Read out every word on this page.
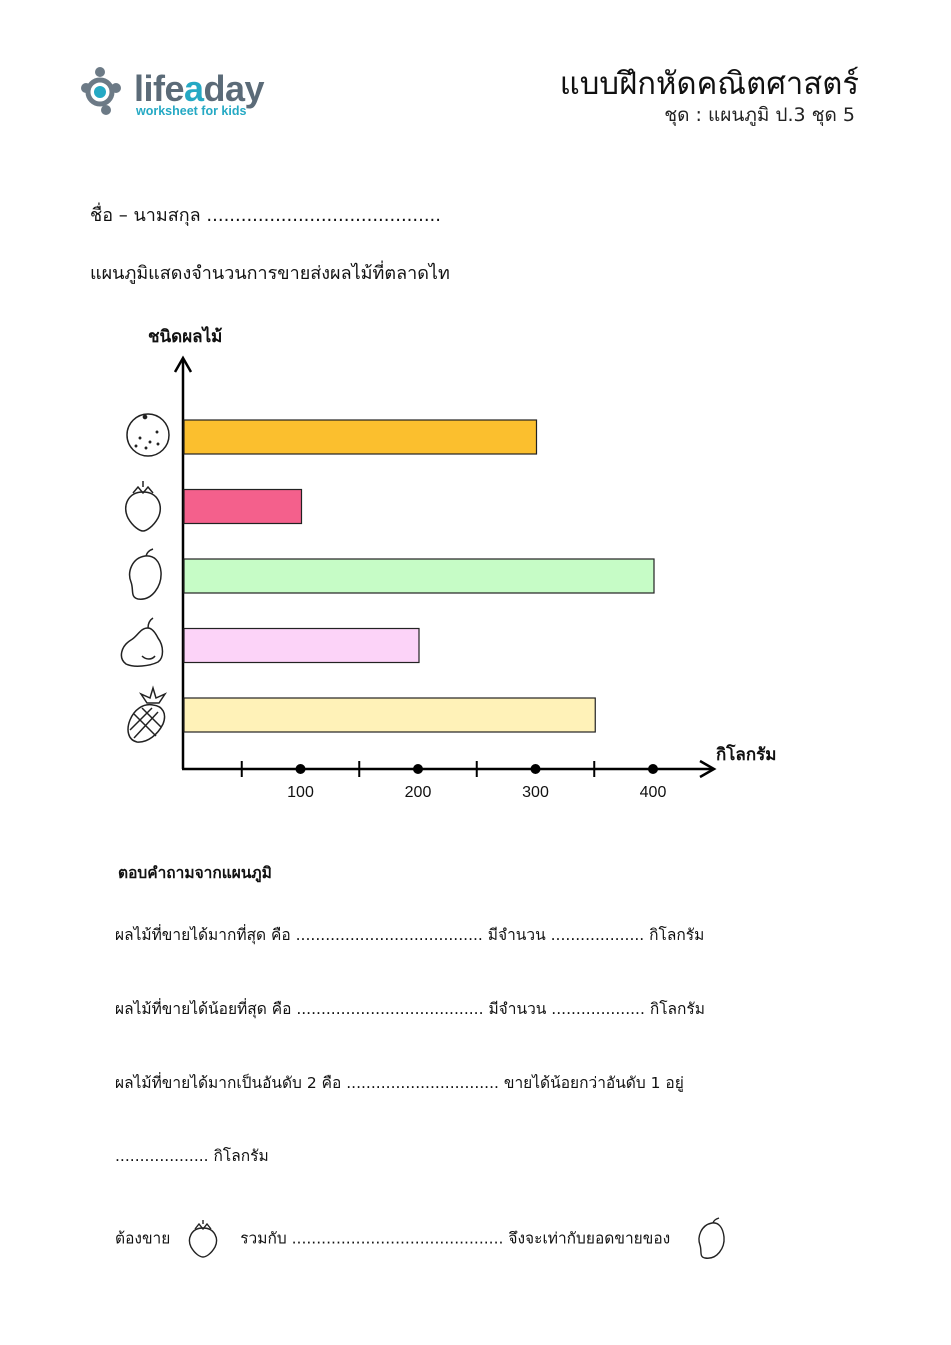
lifeaday
worksheet for kids
แบบฝึกหัดคณิตศาสตร์
ชุด : แผนภูมิ ป.3 ชุด 5
ชื่อ – นามสกุล .........................................
แผนภูมิแสดงจำนวนการขายส่งผลไม้ที่ตลาดไท
ชนิดผลไม้
กิโลกรัม
100	200	300	400
ตอบคำถามจากแผนภูมิ
ผลไม้ที่ขายได้มากที่สุด คือ ...................................... มีจำนวน ................... กิโลกรัม
ผลไม้ที่ขายได้น้อยที่สุด คือ ...................................... มีจำนวน ................... กิโลกรัม
ผลไม้ที่ขายได้มากเป็นอันดับ 2 คือ ............................... ขายได้น้อยกว่าอันดับ 1 อยู่
................... กิโลกรัม
ต้องขาย	รวมกับ ........................................... จึงจะเท่ากับยอดขายของ
